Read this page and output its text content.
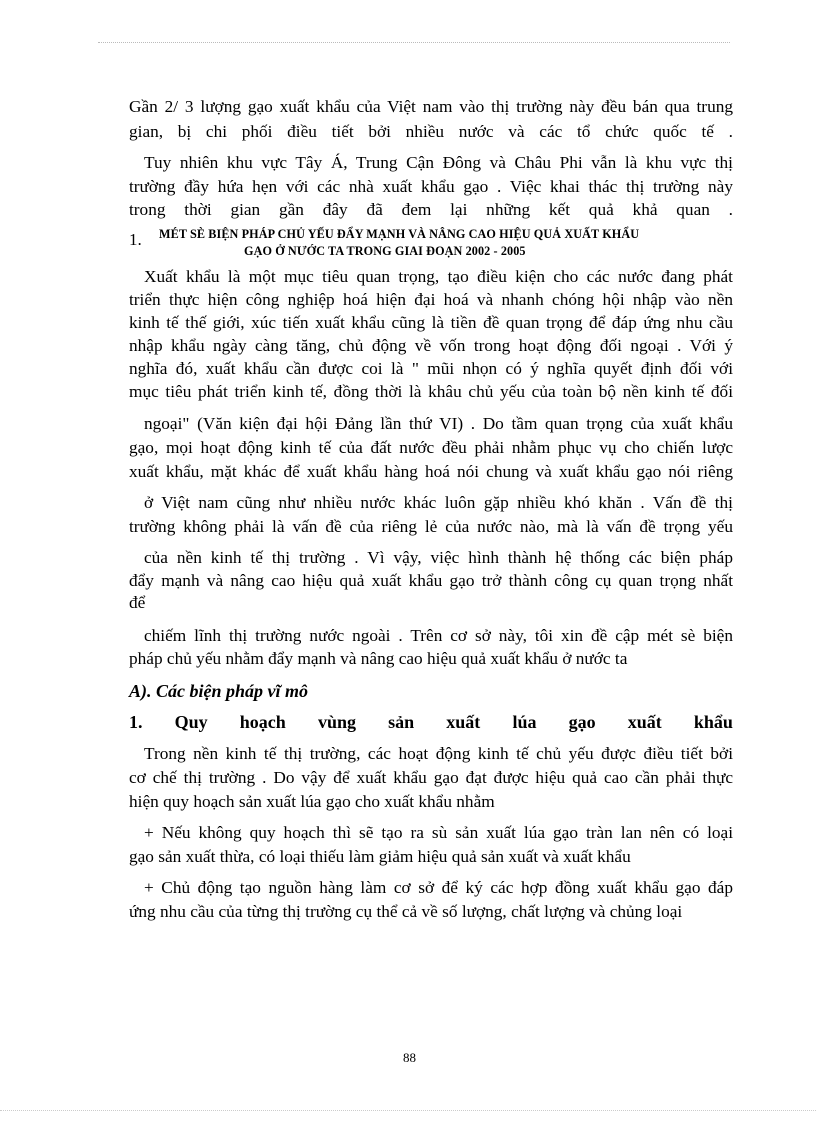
Gần 2/ 3 lượng gạo xuất khẩu của Việt nam vào thị trường này đều bán qua trung
gian, bị chi phối điều tiết bởi nhiều nước và các tổ chức quốc tế .
Tuy nhiên khu vực Tây Á, Trung Cận Đông và Châu Phi vẫn là khu vực thị
trường đầy hứa hẹn với các nhà xuất khẩu gạo . Việc khai thác thị trường này
trong thời gian gần đây đã đem lại những kết quả khả quan .
1. MÉT SÈ BIỆN PHÁP CHỦ YẾU ĐẨY MẠNH VÀ NÂNG CAO HIỆU QUẢ XUẤT KHẨU
GẠO Ở NƯỚC TA TRONG GIAI ĐOẠN 2002 - 2005
Xuất khẩu là một mục tiêu quan trọng, tạo điều kiện cho các nước đang phát
triển thực hiện công nghiệp hoá hiện đại hoá và nhanh chóng hội nhập vào nền
kinh tế thế giới, xúc tiến xuất khẩu cũng là tiền đề quan trọng để đáp ứng nhu cầu
nhập khẩu ngày càng tăng, chủ động về vốn trong hoạt động đối ngoại . Với ý
nghĩa đó, xuất khẩu cần được coi là " mũi nhọn có ý nghĩa quyết định đối với
mục tiêu phát triển kinh tế, đồng thời là khâu chủ yếu của toàn bộ nền kinh tế đối
ngoại" (Văn kiện đại hội Đảng lần thứ VI) . Do tầm quan trọng của xuất khẩu
gạo, mọi hoạt động kinh tế của đất nước đều phải nhằm phục vụ cho chiến lược
xuất khẩu, mặt khác để xuất khẩu hàng hoá nói chung và xuất khẩu gạo nói riêng
ở Việt nam cũng như nhiều nước khác luôn gặp nhiều khó khăn . Vấn đề thị
trường không phải là vấn đề của riêng lẻ của nước nào, mà là vấn đề trọng yếu
của nền kinh tế thị trường . Vì vậy, việc hình thành hệ thống các biện pháp
đẩy mạnh và nâng cao hiệu quả xuất khẩu gạo trở thành công cụ quan trọng nhất
để
chiếm lĩnh thị trường nước ngoài . Trên cơ sở này, tôi xin đề cập mét sè biện
pháp chủ yếu nhằm đẩy mạnh và nâng cao hiệu quả xuất khẩu ở nước ta
A). Các biện pháp vĩ mô
1. Quy hoạch vùng sản xuất lúa gạo xuất khẩu
Trong nền kinh tế thị trường, các hoạt động kinh tế chủ yếu được điều tiết bởi
cơ chế thị trường . Do vậy để xuất khẩu gạo đạt được hiệu quả cao cần phải thực
hiện quy hoạch sản xuất lúa gạo cho xuất khẩu nhằm
+ Nếu không quy hoạch thì sẽ tạo ra sù sản xuất lúa gạo tràn lan nên có loại
gạo sản xuất thừa, có loại thiếu làm giảm hiệu quả sản xuất và xuất khẩu
+ Chủ động tạo nguồn hàng làm cơ sở để ký các hợp đồng xuất khẩu gạo đáp
ứng nhu cầu của từng thị trường cụ thể cả về số lượng, chất lượng và chủng loại
88
